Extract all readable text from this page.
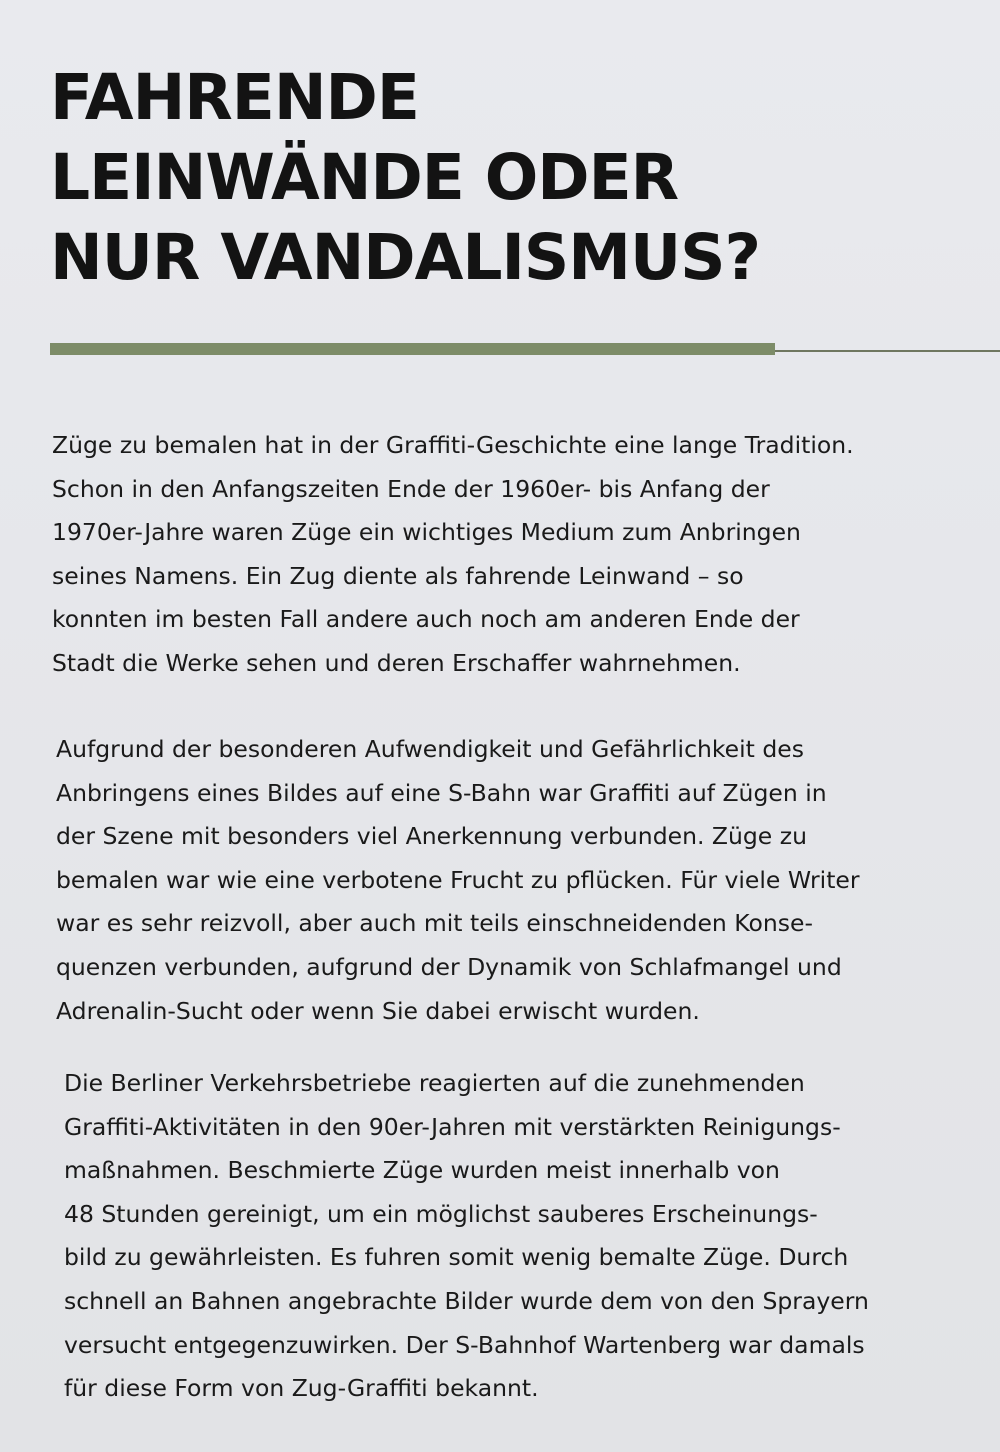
FAHRENDE
LEINWÄNDE ODER
NUR VANDALISMUS?

Züge zu bemalen hat in der Graffiti-Geschichte eine lange Tradition.
Schon in den Anfangszeiten Ende der 1960er- bis Anfang der
1970er-Jahre waren Züge ein wichtiges Medium zum Anbringen
seines Namens. Ein Zug diente als fahrende Leinwand – so
konnten im besten Fall andere auch noch am anderen Ende der
Stadt die Werke sehen und deren Erschaffer wahrnehmen.

Aufgrund der besonderen Aufwendigkeit und Gefährlichkeit des
Anbringens eines Bildes auf eine S-Bahn war Graffiti auf Zügen in
der Szene mit besonders viel Anerkennung verbunden. Züge zu
bemalen war wie eine verbotene Frucht zu pflücken. Für viele Writer
war es sehr reizvoll, aber auch mit teils einschneidenden Konse-
quenzen verbunden, aufgrund der Dynamik von Schlafmangel und
Adrenalin-Sucht oder wenn Sie dabei erwischt wurden.

Die Berliner Verkehrsbetriebe reagierten auf die zunehmenden
Graffiti-Aktivitäten in den 90er-Jahren mit verstärkten Reinigungs-
maßnahmen. Beschmierte Züge wurden meist innerhalb von
48 Stunden gereinigt, um ein möglichst sauberes Erscheinungs-
bild zu gewährleisten. Es fuhren somit wenig bemalte Züge. Durch
schnell an Bahnen angebrachte Bilder wurde dem von den Sprayern
versucht entgegenzuwirken. Der S-Bahnhof Wartenberg war damals
für diese Form von Zug-Graffiti bekannt.
